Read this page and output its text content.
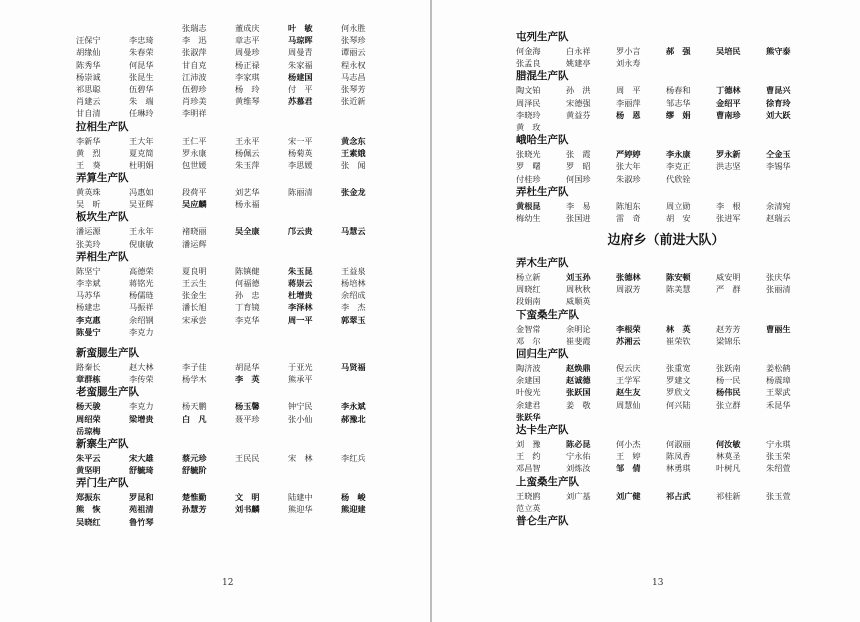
张瑞志	董成庆	叶　敏	何永胜
汪保宁	李忠琦	李　迅	章志平	马琼晖	张琴珍
胡缘仙	朱春荣	张淑萍	周曼珍	周曼青	谭丽云
陈秀华	何昆华	甘自克	杨正禄	朱家福	程永权
杨崇诚	张昆生	江沛波	李家琪	杨建国	马志昌
祁思聪	伍碧华	伍碧珍	杨　玲	付　平	张琴芳
肖建云	朱　端	肖珍美	黄维琴	苏慕君	张近新
甘自清	任琳玲	李明祥
拉相生产队
李新华	王大年	王仁平	王永平	宋一平	黄念东
黄　烈	夏克简	罗永康	杨佩云	杨菊英	王素娥
王　葵	杜明娟	包世媛	朱玉萍	李思媛	张　闻
弄算生产队
黄英珠	冯惠如	段荷平	刘艺华	陈丽清	张金龙
吴　昕	吴亚辉	吴应麟	杨永福
板坎生产队
潘运源	王永年	褚晓丽	吴全康	邝云贵	马慧云
张美玲	倪康敏	潘运辉
弄相生产队
陈坚宁	高德荣	夏良明	陈镇健	朱玉昆	王益泉
李幸斌	蒋铭光	王云生	何福德	蒋崇云	杨培林
马苏华	杨儒琏	张金生	孙　忠	杜增贵	余绍成
杨建忠	马振祥	潘长旭	丁育镜	李泽林	李　杰
李克惠	余绍钢	宋承尝	李克华	周一平	郭翠玉
陈曼宁	李克力
新蛮腮生产队
路秦长	赵大林	李子佳	胡昆华	于亚光	马贤福
章群栋	李传荣	杨学木	李　英	熊承平
老蛮腮生产队
杨天骏	李克力	杨天鹏	杨玉馨	钟宁民	李永斌
周绍荣	梁增贵	白　凡	聂平珍	张小仙	郝豫北
岳琼梅
新寨生产队
朱平云	宋大雄	蔡元珍	王民民	宋　林	李红兵
黄坚明	舒毓琦	舒毓阶
弄门生产队
郑振东	罗昆和	楚惟勤	文　明	陆建中	杨　峻
熊　恢	苑祖清	孙慧芳	刘书麟	熊迎华	熊迎建
吴晓红	鲁竹琴
12
屯列生产队
何金海	白永祥	罗小言	郝　强	吴培民	熊守泰
张孟良	姚建亭	刘永寿
腊混生产队
陶文铂	孙　洪	周　平	杨春和	丁德林	曹昆兴
周泽民	宋德强	李丽萍	邹志华	金绍平	徐育玲
李晓玲	黄益芬	杨　恩	缪　娟	曹南珍	刘大跃
黄　玫
峨哈生产队
张晓光	张　霞	严婷婷	李永康	罗永新	仝金玉
罗　曙	罗　昭	张大年	李克正	洪志坚	李锡华
付桂珍	何国珍	朱淑珍	代欣铨
弄杜生产队
黄根昆	李　易	陈旭东	周立勋	李　根	余清宛
梅幼生	张国进	雷　奇	胡　安	张进军	赵瑞云
边府乡（前进大队）
弄木生产队
杨立新	刘玉孙	张德林	陈安顿	威安明	张庆华
周晓红	周秋秋	周淑芳	陈美慧	严　群	张丽清
段娟南	威顺英
下蛮桑生产队
金智常	余明论	李根荣	林　英	赵芳芳	曹丽生
邓　尔	崔斐霞	苏湘云	崔荣钦	梁锦乐
回归生产队
陶济波	赵焕鼎	倪云庆	张重宽	张跃南	姜松鹤
余建国	赵诚德	王学军	罗建文	杨一民	杨震璋
叶俊光	张跃国	赵生友	罗欣文	杨伟民	王翠武
余建君	姜　敬	周慧仙	何兴陆	张立群	禾昆华
张跃华
达卡生产队
刘　豫	陈必昆	何小杰	何淑丽	何汝敏	宁永琪
王　约	宁永佑	王　婷	陈凤香	林莫圣	张玉荣
邓昌智	刘炼汝	邹　倩	林勇琪	叶树凡	朱绍萱
上蛮桑生产队
王晓鸥	刘广基	刘广健	祁占武	祁桂新	张玉萱
范立英
普仑生产队
13
